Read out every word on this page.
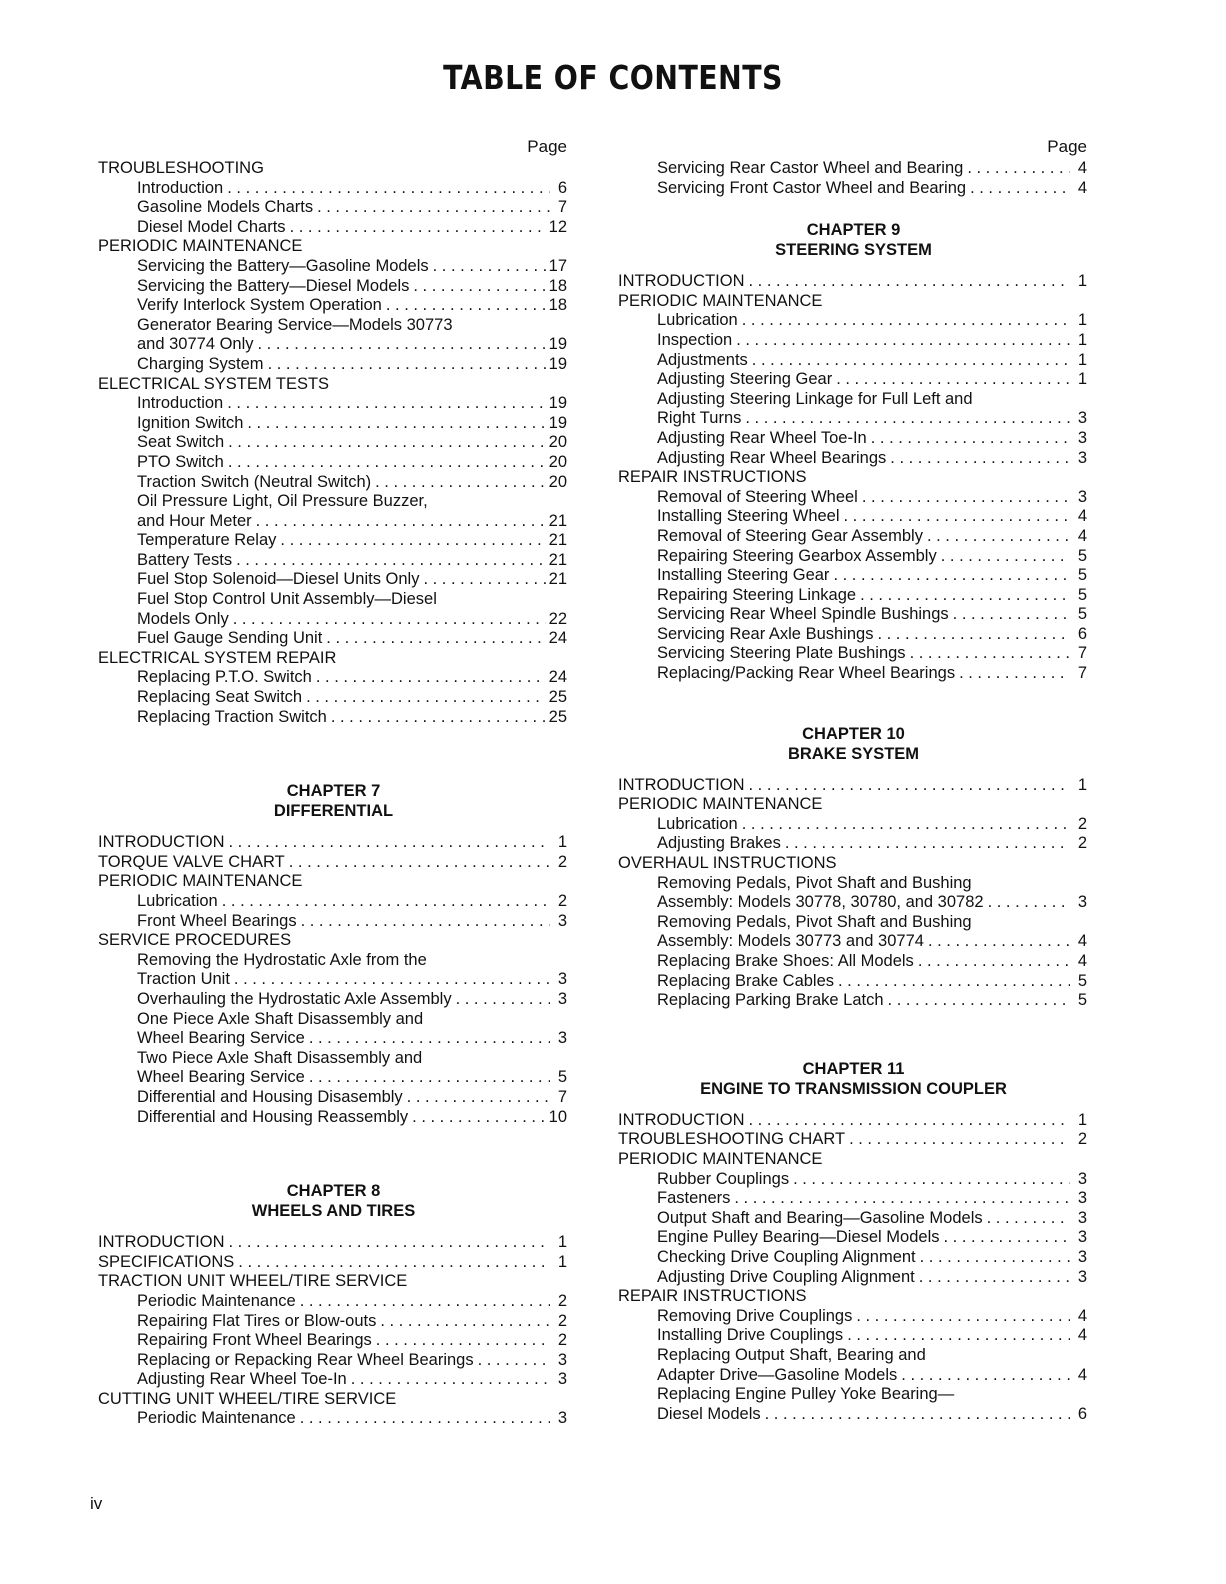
TABLE OF CONTENTS
Page
TROUBLESHOOTING
Introduction . . .	6
Gasoline Models Charts . . .	7
Diesel Model Charts . . .	12
PERIODIC MAINTENANCE
Servicing the Battery—Gasoline Models . . .	17
Servicing the Battery—Diesel Models . . .	18
Verify Interlock System Operation . . .	18
Generator Bearing Service—Models 30773
and 30774 Only . . .	19
Charging System . . .	19
ELECTRICAL SYSTEM TESTS
Introduction . . .	19
Ignition Switch . . .	19
Seat Switch . . .	20
PTO Switch . . .	20
Traction Switch (Neutral Switch) . . .	20
Oil Pressure Light, Oil Pressure Buzzer,
and Hour Meter . . .	21
Temperature Relay . . .	21
Battery Tests . . .	21
Fuel Stop Solenoid—Diesel Units Only . . .	21
Fuel Stop Control Unit Assembly—Diesel
Models Only . . .	22
Fuel Gauge Sending Unit . . .	24
ELECTRICAL SYSTEM REPAIR
Replacing P.T.O. Switch . . .	24
Replacing Seat Switch . . .	25
Replacing Traction Switch . . .	25
CHAPTER 7
DIFFERENTIAL
INTRODUCTION . . .	1
TORQUE VALVE CHART . . .	2
PERIODIC MAINTENANCE
Lubrication . . .	2
Front Wheel Bearings . . .	3
SERVICE PROCEDURES
Removing the Hydrostatic Axle from the
Traction Unit . . .	3
Overhauling the Hydrostatic Axle Assembly . . .	3
One Piece Axle Shaft Disassembly and
Wheel Bearing Service . . .	3
Two Piece Axle Shaft Disassembly and
Wheel Bearing Service . . .	5
Differential and Housing Disasembly . . .	7
Differential and Housing Reassembly . . .	10
CHAPTER 8
WHEELS AND TIRES
INTRODUCTION . . .	1
SPECIFICATIONS . . .	1
TRACTION UNIT WHEEL/TIRE SERVICE
Periodic Maintenance . . .	2
Repairing Flat Tires or Blow-outs . . .	2
Repairing Front Wheel Bearings . . .	2
Replacing or Repacking Rear Wheel Bearings . . .	3
Adjusting Rear Wheel Toe-In . . .	3
CUTTING UNIT WHEEL/TIRE SERVICE
Periodic Maintenance . . .	3
Page
Servicing Rear Castor Wheel and Bearing . . .	4
Servicing Front Castor Wheel and Bearing . . .	4
CHAPTER 9
STEERING SYSTEM
INTRODUCTION . . .	1
PERIODIC MAINTENANCE
Lubrication . . .	1
Inspection . . .	1
Adjustments . . .	1
Adjusting Steering Gear . . .	1
Adjusting Steering Linkage for Full Left and
Right Turns . . .	3
Adjusting Rear Wheel Toe-In . . .	3
Adjusting Rear Wheel Bearings . . .	3
REPAIR INSTRUCTIONS
Removal of Steering Wheel . . .	3
Installing Steering Wheel . . .	4
Removal of Steering Gear Assembly . . .	4
Repairing Steering Gearbox Assembly . . .	5
Installing Steering Gear . . .	5
Repairing Steering Linkage . . .	5
Servicing Rear Wheel Spindle Bushings . . .	5
Servicing Rear Axle Bushings . . .	6
Servicing Steering Plate Bushings . . .	7
Replacing/Packing Rear Wheel Bearings . . .	7
CHAPTER 10
BRAKE SYSTEM
INTRODUCTION . . .	1
PERIODIC MAINTENANCE
Lubrication . . .	2
Adjusting Brakes . . .	2
OVERHAUL INSTRUCTIONS
Removing Pedals, Pivot Shaft and Bushing
Assembly: Models 30778, 30780, and 30782 . . .	3
Removing Pedals, Pivot Shaft and Bushing
Assembly: Models 30773 and 30774 . . .	4
Replacing Brake Shoes: All Models . . .	4
Replacing Brake Cables . . .	5
Replacing Parking Brake Latch . . .	5
CHAPTER 11
ENGINE TO TRANSMISSION COUPLER
INTRODUCTION . . .	1
TROUBLESHOOTING CHART . . .	2
PERIODIC MAINTENANCE
Rubber Couplings . . .	3
Fasteners . . .	3
Output Shaft and Bearing—Gasoline Models . . .	3
Engine Pulley Bearing—Diesel Models . . .	3
Checking Drive Coupling Alignment . . .	3
Adjusting Drive Coupling Alignment . . .	3
REPAIR INSTRUCTIONS
Removing Drive Couplings . . .	4
Installing Drive Couplings . . .	4
Replacing Output Shaft, Bearing and
Adapter Drive—Gasoline Models . . .	4
Replacing Engine Pulley Yoke Bearing—
Diesel Models . . .	6
iv
